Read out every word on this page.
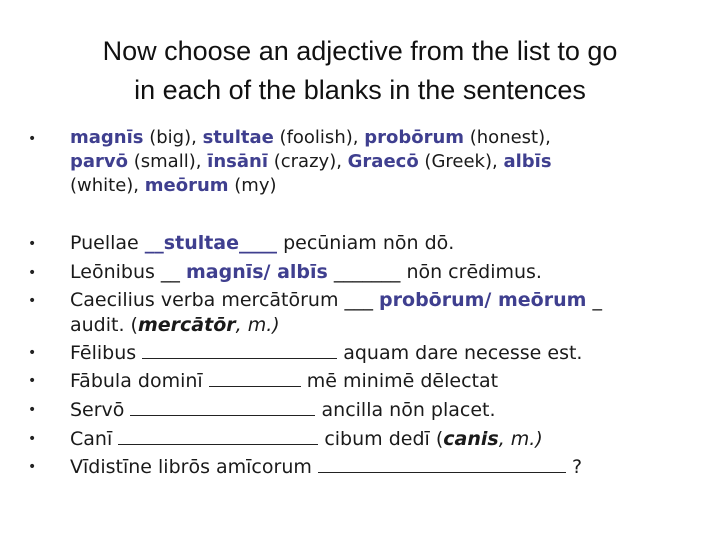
Now choose an adjective from the list to go
in each of the blanks in the sentences
• magnīs (big), stultae (foolish), probōrum (honest),
parvō (small), īnsānī (crazy), Graecō (Greek), albīs
(white), meōrum (my)
• Puellae __stultae____ pecūniam nōn dō.
• Leōnibus __ magnīs/ albīs _______ nōn crēdimus.
• Caecilius verba mercātōrum ___ probōrum/ meōrum _
audit. (mercātōr, m.)
• Fēlibus	aquam dare necesse est.
• Fābula dominī	mē minimē dēlectat
• Servō	ancilla nōn placet.
• Canī	cibum dedī (canis, m.)
• Vīdistīne librōs amīcorum	?
